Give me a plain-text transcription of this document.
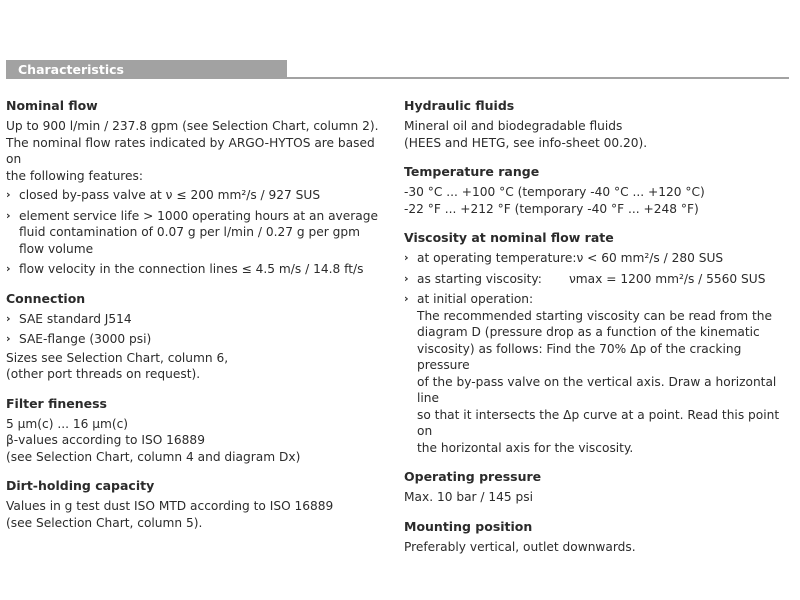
Characteristics
Nominal flow

Up to 900 l/min / 237.8 gpm (see Selection Chart, column 2).
The nominal flow rates indicated by ARGO-HYTOS are based on
the following features:

› closed by-pass valve at ν ≤ 200 mm²/s / 927 SUS
› element service life > 1000 operating hours at an average
fluid contamination of 0.07 g per l/min / 0.27 g per gpm
flow volume
› flow velocity in the connection lines ≤ 4.5 m/s / 14.8 ft/s
Connection
› SAE standard J514
› SAE-flange (3000 psi)

Sizes see Selection Chart, column 6,
(other port threads on request).

Filter fineness

5 μm(c) ... 16 μm(c)
β-values according to ISO 16889
(see Selection Chart, column 4 and diagram Dx)

Dirt-holding capacity

Values in g test dust ISO MTD according to ISO 16889
(see Selection Chart, column 5).

Hydraulic fluids

Mineral oil and biodegradable fluids
(HEES and HETG, see info-sheet 00.20).

Temperature range

-30 °C ... +100 °C (temporary -40 °C ... +120 °C)
-22 °F ... +212 °F (temporary -40 °F ... +248 °F)

Viscosity at nominal flow rate
› at operating temperature:ν < 60 mm²/s / 280 SUS
› as starting viscosity:	νmax = 1200 mm²/s / 5560 SUS
› at initial operation:
The recommended starting viscosity can be read from the
diagram D (pressure drop as a function of the kinematic
viscosity) as follows: Find the 70% Δp of the cracking pressure
of the by-pass valve on the vertical axis. Draw a horizontal line
so that it intersects the Δp curve at a point. Read this point on
the horizontal axis for the viscosity.
Operating pressure

Max. 10 bar / 145 psi

Mounting position

Preferably vertical, outlet downwards.
